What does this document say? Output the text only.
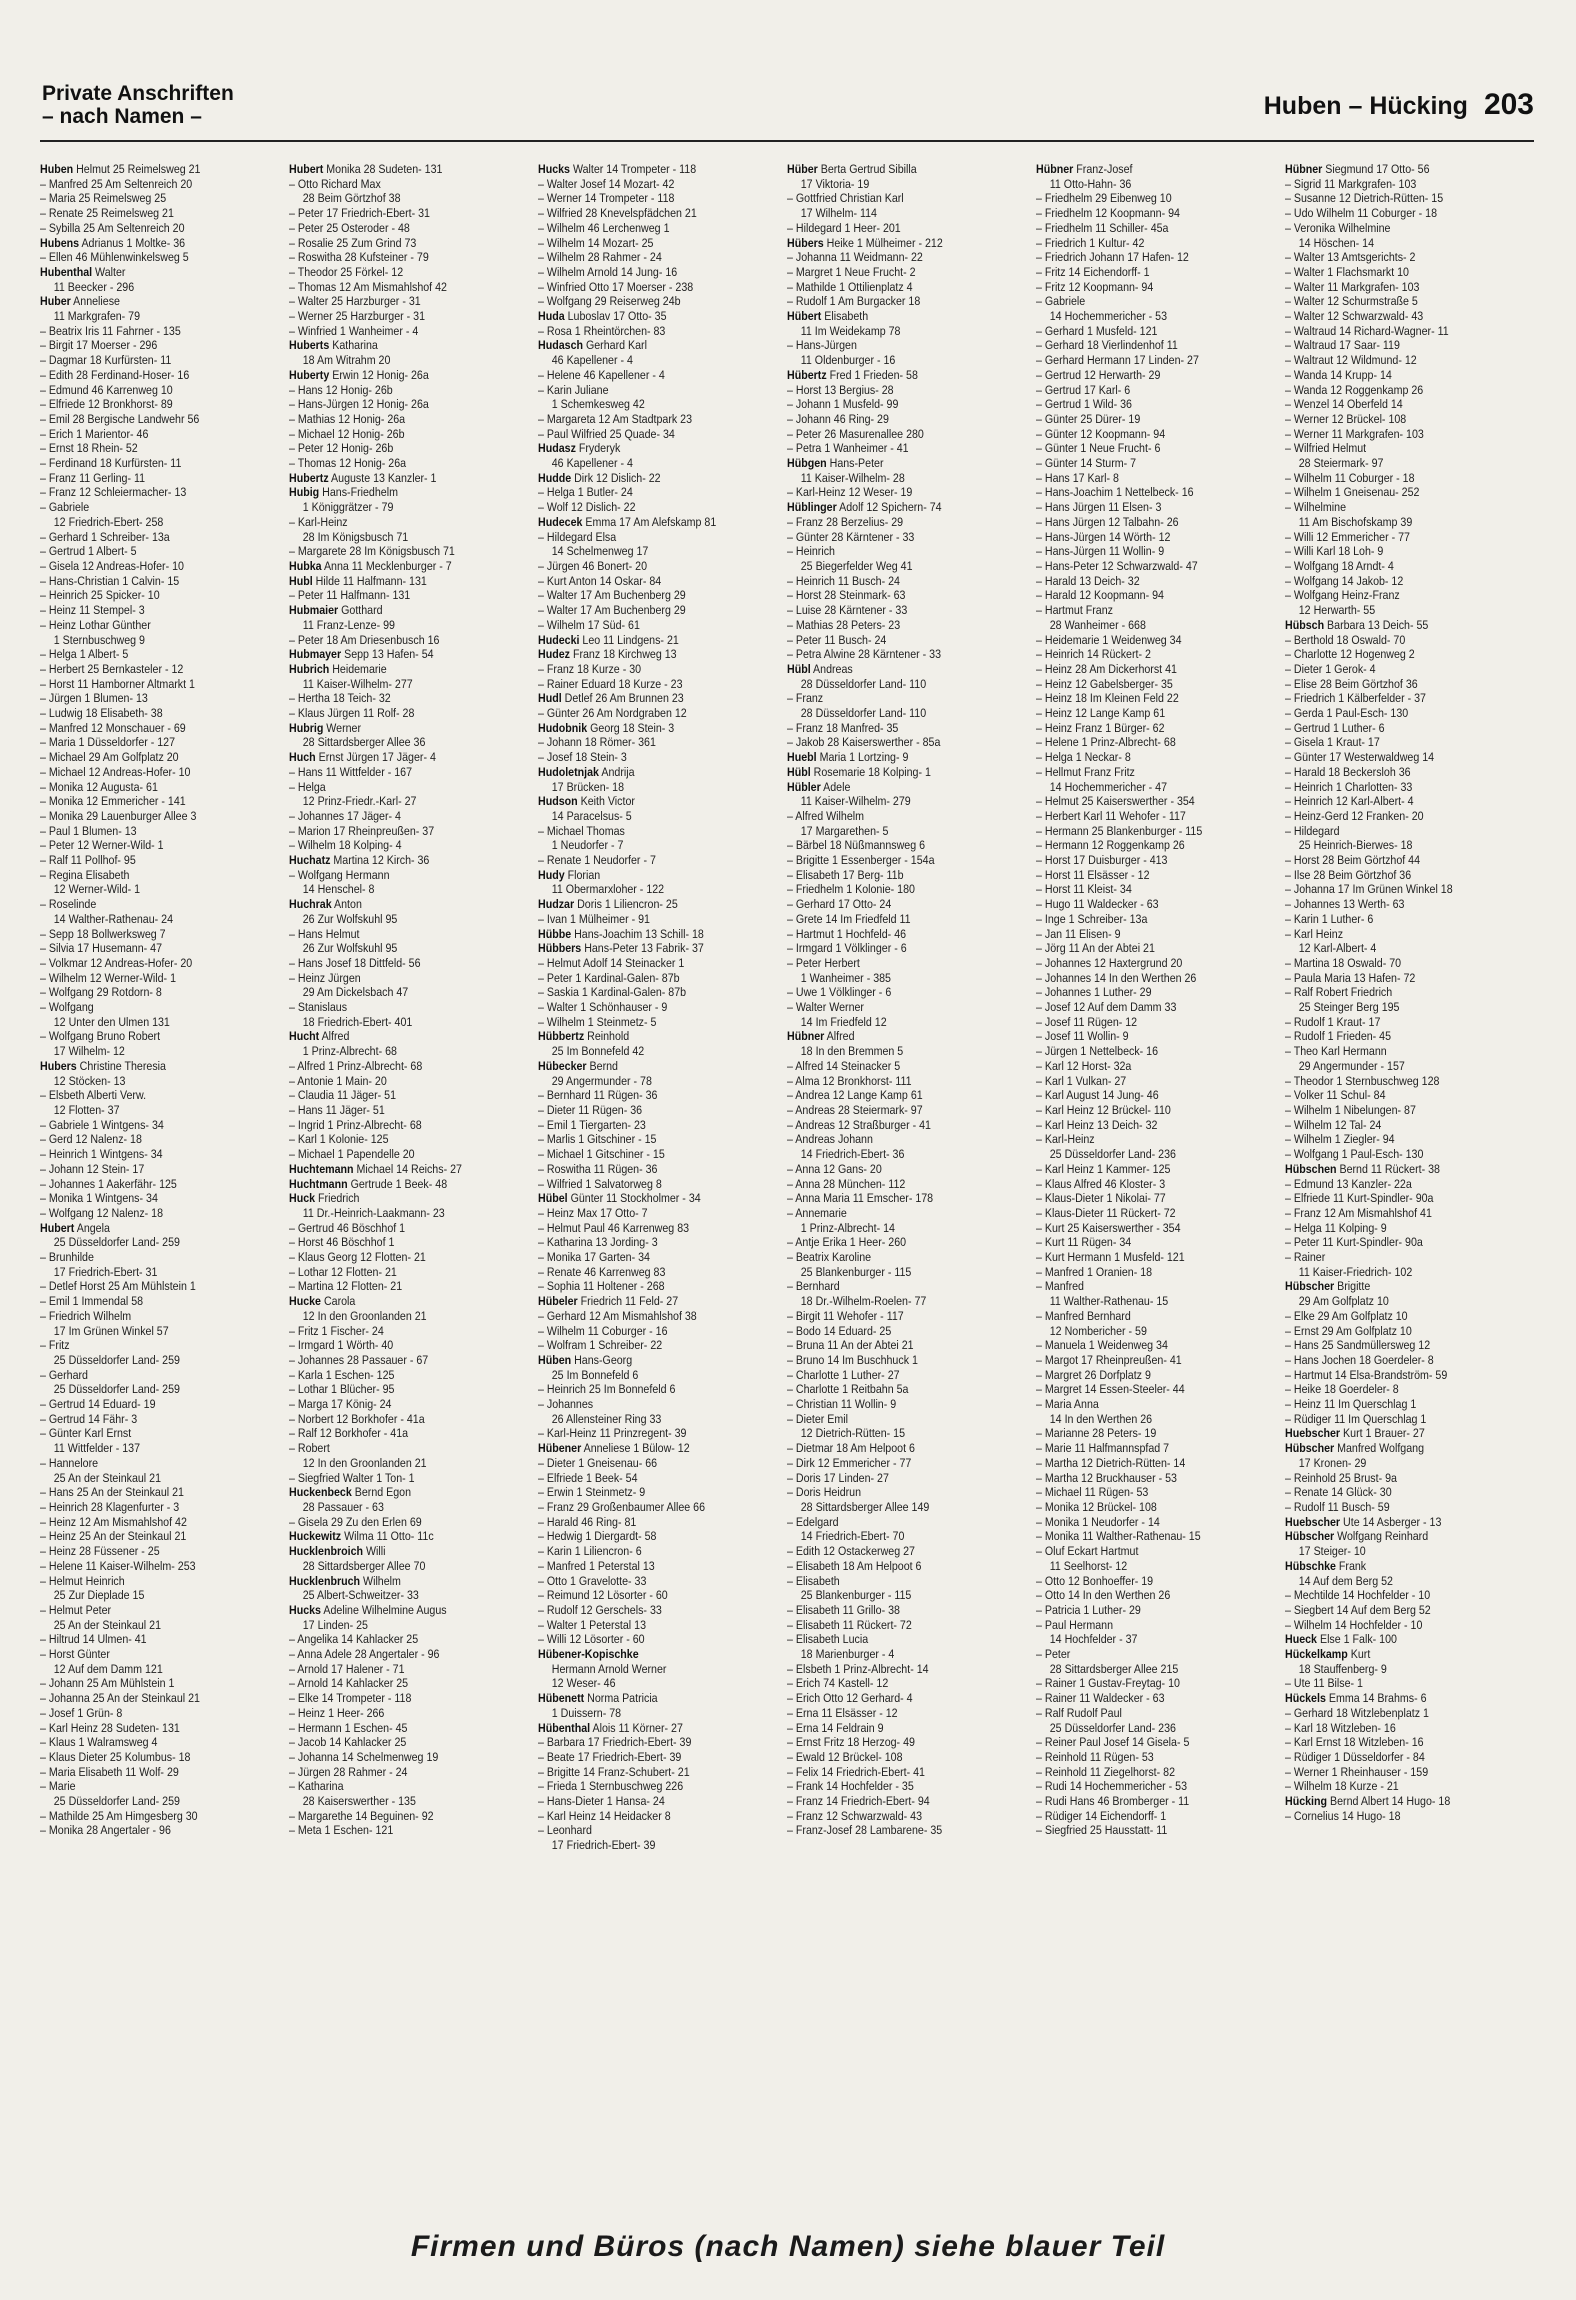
Private Anschriften
– nach Namen –	Huben – Hücking 203
Huben Helmut 25 Reimelsweg 21
– Manfred 25 Am Seltenreich 20
– Maria 25 Reimelsweg 25
– Renate 25 Reimelsweg 21
– Sybilla 25 Am Seltenreich 20
Hubens Adrianus 1 Moltke- 36
– Ellen 46 Mühlenwinkelsweg 5
Hubenthal Walter
11 Beecker - 296
Huber Anneliese
11 Markgrafen- 79
– Beatrix Iris 11 Fahrner - 135
– Birgit 17 Moerser - 296
– Dagmar 18 Kurfürsten- 11
– Edith 28 Ferdinand-Hoser- 16
– Edmund 46 Karrenweg 10
– Elfriede 12 Bronkhorst- 89
– Emil 28 Bergische Landwehr 56
– Erich 1 Marientor- 46
– Ernst 18 Rhein- 52
– Ferdinand 18 Kurfürsten- 11
– Franz 11 Gerling- 11
– Franz 12 Schleiermacher- 13
– Gabriele
12 Friedrich-Ebert- 258
– Gerhard 1 Schreiber- 13a
– Gertrud 1 Albert- 5
– Gisela 12 Andreas-Hofer- 10
– Hans-Christian 1 Calvin- 15
– Heinrich 25 Spicker- 10
– Heinz 11 Stempel- 3
– Heinz Lothar Günther
1 Sternbuschweg 9
– Helga 1 Albert- 5
– Herbert 25 Bernkasteler - 12
– Horst 11 Hamborner Altmarkt 1
– Jürgen 1 Blumen- 13
– Ludwig 18 Elisabeth- 38
– Manfred 12 Monschauer - 69
– Maria 1 Düsseldorfer - 127
– Michael 29 Am Golfplatz 20
– Michael 12 Andreas-Hofer- 10
– Monika 12 Augusta- 61
– Monika 12 Emmericher - 141
– Monika 29 Lauenburger Allee 3
– Paul 1 Blumen- 13
– Peter 12 Werner-Wild- 1
– Ralf 11 Pollhof- 95
– Regina Elisabeth
12 Werner-Wild- 1
– Roselinde
14 Walther-Rathenau- 24
– Sepp 18 Bollwerksweg 7
– Silvia 17 Husemann- 47
– Volkmar 12 Andreas-Hofer- 20
– Wilhelm 12 Werner-Wild- 1
– Wolfgang 29 Rotdorn- 8
– Wolfgang
12 Unter den Ulmen 131
– Wolfgang Bruno Robert
17 Wilhelm- 12
Hubers Christine Theresia
12 Stöcken- 13
– Elsbeth Alberti Verw.
12 Flotten- 37
– Gabriele 1 Wintgens- 34
– Gerd 12 Nalenz- 18
– Heinrich 1 Wintgens- 34
– Johann 12 Stein- 17
– Johannes 1 Aakerfähr- 125
– Monika 1 Wintgens- 34
– Wolfgang 12 Nalenz- 18
Hubert Angela
25 Düsseldorfer Land- 259
– Brunhilde
17 Friedrich-Ebert- 31
– Detlef Horst 25 Am Mühlstein 1
– Emil 1 Immendal 58
– Friedrich Wilhelm
17 Im Grünen Winkel 57
– Fritz
25 Düsseldorfer Land- 259
– Gerhard
25 Düsseldorfer Land- 259
– Gertrud 14 Eduard- 19
– Gertrud 14 Fähr- 3
– Günter Karl Ernst
11 Wittfelder - 137
– Hannelore
25 An der Steinkaul 21
– Hans 25 An der Steinkaul 21
– Heinrich 28 Klagenfurter - 3
– Heinz 12 Am Mismahlshof 42
– Heinz 25 An der Steinkaul 21
– Heinz 28 Füssener - 25
– Helene 11 Kaiser-Wilhelm- 253
– Helmut Heinrich
25 Zur Dieplade 15
– Helmut Peter
25 An der Steinkaul 21
– Hiltrud 14 Ulmen- 41
– Horst Günter
12 Auf dem Damm 121
– Johann 25 Am Mühlstein 1
– Johanna 25 An der Steinkaul 21
– Josef 1 Grün- 8
– Karl Heinz 28 Sudeten- 131
– Klaus 1 Walramsweg 4
– Klaus Dieter 25 Kolumbus- 18
– Maria Elisabeth 11 Wolf- 29
– Marie
25 Düsseldorfer Land- 259
– Mathilde 25 Am Himgesberg 30
– Monika 28 Angertaler - 96
Hubert Monika 28 Sudeten- 131
– Otto Richard Max
28 Beim Görtzhof 38
– Peter 17 Friedrich-Ebert- 31
– Peter 25 Osteroder - 48
– Rosalie 25 Zum Grind 73
– Roswitha 28 Kufsteiner - 79
– Theodor 25 Förkel- 12
– Thomas 12 Am Mismahlshof 42
– Walter 25 Harzburger - 31
– Werner 25 Harzburger - 31
– Winfried 1 Wanheimer - 4
Huberts Katharina
18 Am Witrahm 20
Huberty Erwin 12 Honig- 26a
– Hans 12 Honig- 26b
– Hans-Jürgen 12 Honig- 26a
– Mathias 12 Honig- 26a
– Michael 12 Honig- 26b
– Peter 12 Honig- 26b
– Thomas 12 Honig- 26a
Hubertz Auguste 13 Kanzler- 1
Hubig Hans-Friedhelm
1 Königgrätzer - 79
– Karl-Heinz
28 Im Königsbusch 71
– Margarete 28 Im Königsbusch 71
Hubka Anna 11 Mecklenburger - 7
Hubl Hilde 11 Halfmann- 131
– Peter 11 Halfmann- 131
Hubmaier Gotthard
11 Franz-Lenze- 99
– Peter 18 Am Driesenbusch 16
Hubmayer Sepp 13 Hafen- 54
Hubrich Heidemarie
11 Kaiser-Wilhelm- 277
– Hertha 18 Teich- 32
– Klaus Jürgen 11 Rolf- 28
Hubrig Werner
28 Sittardsberger Allee 36
Huch Ernst Jürgen 17 Jäger- 4
– Hans 11 Wittfelder - 167
– Helga
12 Prinz-Friedr.-Karl- 27
– Johannes 17 Jäger- 4
– Marion 17 Rheinpreußen- 37
– Wilhelm 18 Kolping- 4
Huchatz Martina 12 Kirch- 36
– Wolfgang Hermann
14 Henschel- 8
Huchrak Anton
26 Zur Wolfskuhl 95
– Hans Helmut
26 Zur Wolfskuhl 95
– Hans Josef 18 Dittfeld- 56
– Heinz Jürgen
29 Am Dickelsbach 47
– Stanislaus
18 Friedrich-Ebert- 401
Hucht Alfred
1 Prinz-Albrecht- 68
– Alfred 1 Prinz-Albrecht- 68
– Antonie 1 Main- 20
– Claudia 11 Jäger- 51
– Hans 11 Jäger- 51
– Ingrid 1 Prinz-Albrecht- 68
– Karl 1 Kolonie- 125
– Michael 1 Papendelle 20
Huchtemann Michael 14 Reichs- 27
Huchtmann Gertrude 1 Beek- 48
Huck Friedrich
11 Dr.-Heinrich-Laakmann- 23
– Gertrud 46 Böschhof 1
– Horst 46 Böschhof 1
– Klaus Georg 12 Flotten- 21
– Lothar 12 Flotten- 21
– Martina 12 Flotten- 21
Hucke Carola
12 In den Groonlanden 21
– Fritz 1 Fischer- 24
– Irmgard 1 Wörth- 40
– Johannes 28 Passauer - 67
– Karla 1 Eschen- 125
– Lothar 1 Blücher- 95
– Marga 17 König- 24
– Norbert 12 Borkhofer - 41a
– Ralf 12 Borkhofer - 41a
– Robert
12 In den Groonlanden 21
– Siegfried Walter 1 Ton- 1
Huckenbeck Bernd Egon
28 Passauer - 63
– Gisela 29 Zu den Erlen 69
Huckewitz Wilma 11 Otto- 11c
Hucklenbroich Willi
28 Sittardsberger Allee 70
Hucklenbruch Wilhelm
25 Albert-Schweitzer- 33
Hucks Adeline Wilhelmine Augus
17 Linden- 25
– Angelika 14 Kahlacker 25
– Anna Adele 28 Angertaler - 96
– Arnold 17 Halener - 71
– Arnold 14 Kahlacker 25
– Elke 14 Trompeter - 118
– Heinz 1 Heer- 266
– Hermann 1 Eschen- 45
– Jacob 14 Kahlacker 25
– Johanna 14 Schelmenweg 19
– Jürgen 28 Rahmer - 24
– Katharina
28 Kaiserswerther - 135
– Margarethe 14 Beguinen- 92
– Meta 1 Eschen- 121
Hucks Walter 14 Trompeter - 118
– Walter Josef 14 Mozart- 42
– Werner 14 Trompeter - 118
– Wilfried 28 Knevelspfädchen 21
– Wilhelm 46 Lerchenweg 1
– Wilhelm 14 Mozart- 25
– Wilhelm 28 Rahmer - 24
– Wilhelm Arnold 14 Jung- 16
– Winfried Otto 17 Moerser - 238
– Wolfgang 29 Reiserweg 24b
Huda Luboslav 17 Otto- 35
– Rosa 1 Rheintörchen- 83
Hudasch Gerhard Karl
46 Kapellener - 4
– Helene 46 Kapellener - 4
– Karin Juliane
1 Schemkesweg 42
– Margareta 12 Am Stadtpark 23
– Paul Wilfried 25 Quade- 34
Hudasz Fryderyk
46 Kapellener - 4
Hudde Dirk 12 Dislich- 22
– Helga 1 Butler- 24
– Wolf 12 Dislich- 22
Hudecek Emma 17 Am Alefskamp 81
– Hildegard Elsa
14 Schelmenweg 17
– Jürgen 46 Bonert- 20
– Kurt Anton 14 Oskar- 84
– Walter 17 Am Buchenberg 29
– Walter 17 Am Buchenberg 29
– Wilhelm 17 Süd- 61
Hudecki Leo 11 Lindgens- 21
Hudez Franz 18 Kirchweg 13
– Franz 18 Kurze - 30
– Rainer Eduard 18 Kurze - 23
Hudl Detlef 26 Am Brunnen 23
– Günter 26 Am Nordgraben 12
Hudobnik Georg 18 Stein- 3
– Johann 18 Römer- 361
– Josef 18 Stein- 3
Hudoletnjak Andrija
17 Brücken- 18
Hudson Keith Victor
14 Paracelsus- 5
– Michael Thomas
1 Neudorfer - 7
– Renate 1 Neudorfer - 7
Hudy Florian
11 Obermarxloher - 122
Hudzar Doris 1 Liliencron- 25
– Ivan 1 Mülheimer - 91
Hübbe Hans-Joachim 13 Schill- 18
Hübbers Hans-Peter 13 Fabrik- 37
– Helmut Adolf 14 Steinacker 1
– Peter 1 Kardinal-Galen- 87b
– Saskia 1 Kardinal-Galen- 87b
– Walter 1 Schönhauser - 9
– Wilhelm 1 Steinmetz- 5
Hübbertz Reinhold
25 Im Bonnefeld 42
Hübecker Bernd
29 Angermunder - 78
– Bernhard 11 Rügen- 36
– Dieter 11 Rügen- 36
– Emil 1 Tiergarten- 23
– Marlis 1 Gitschiner - 15
– Michael 1 Gitschiner - 15
– Roswitha 11 Rügen- 36
– Wilfried 1 Salvatorweg 8
Hübel Günter 11 Stockholmer - 34
– Heinz Max 17 Otto- 7
– Helmut Paul 46 Karrenweg 83
– Katharina 13 Jording- 3
– Monika 17 Garten- 34
– Renate 46 Karrenweg 83
– Sophia 11 Holtener - 268
Hübeler Friedrich 11 Feld- 27
– Gerhard 12 Am Mismahlshof 38
– Wilhelm 11 Coburger - 16
– Wolfram 1 Schreiber- 22
Hüben Hans-Georg
25 Im Bonnefeld 6
– Heinrich 25 Im Bonnefeld 6
– Johannes
26 Allensteiner Ring 33
– Karl-Heinz 11 Prinzregent- 39
Hübener Anneliese 1 Bülow- 12
– Dieter 1 Gneisenau- 66
– Elfriede 1 Beek- 54
– Erwin 1 Steinmetz- 9
– Franz 29 Großenbaumer Allee 66
– Harald 46 Ring- 81
– Hedwig 1 Diergardt- 58
– Karin 1 Liliencron- 6
– Manfred 1 Peterstal 13
– Otto 1 Gravelotte- 33
– Reimund 12 Lösorter - 60
– Rudolf 12 Gerschels- 33
– Walter 1 Peterstal 13
– Willi 12 Lösorter - 60
Hübener-Kopischke
Hermann Arnold Werner
12 Weser- 46
Hübenett Norma Patricia
1 Duissern- 78
Hübenthal Alois 11 Körner- 27
– Barbara 17 Friedrich-Ebert- 39
– Beate 17 Friedrich-Ebert- 39
– Brigitte 14 Franz-Schubert- 21
– Frieda 1 Sternbuschweg 226
– Hans-Dieter 1 Hansa- 24
– Karl Heinz 14 Heidacker 8
– Leonhard
17 Friedrich-Ebert- 39
Hüber Berta Gertrud Sibilla
17 Viktoria- 19
– Gottfried Christian Karl
17 Wilhelm- 114
– Hildegard 1 Heer- 201
Hübers Heike 1 Mülheimer - 212
– Johanna 11 Weidmann- 22
– Margret 1 Neue Frucht- 2
– Mathilde 1 Ottilienplatz 4
– Rudolf 1 Am Burgacker 18
Hübert Elisabeth
11 Im Weidekamp 78
– Hans-Jürgen
11 Oldenburger - 16
Hübertz Fred 1 Frieden- 58
– Horst 13 Bergius- 28
– Johann 1 Musfeld- 99
– Johann 46 Ring- 29
– Peter 26 Masurenallee 280
– Petra 1 Wanheimer - 41
Hübgen Hans-Peter
11 Kaiser-Wilhelm- 28
– Karl-Heinz 12 Weser- 19
Hüblinger Adolf 12 Spichern- 74
– Franz 28 Berzelius- 29
– Günter 28 Kärntener - 33
– Heinrich
25 Biegerfelder Weg 41
– Heinrich 11 Busch- 24
– Horst 28 Steinmark- 63
– Luise 28 Kärntener - 33
– Mathias 28 Peters- 23
– Peter 11 Busch- 24
– Petra Alwine 28 Kärntener - 33
Hübl Andreas
28 Düsseldorfer Land- 110
– Franz
28 Düsseldorfer Land- 110
– Franz 18 Manfred- 35
– Jakob 28 Kaiserswerther - 85a
Huebl Maria 1 Lortzing- 9
Hübl Rosemarie 18 Kolping- 1
Hübler Adele
11 Kaiser-Wilhelm- 279
– Alfred Wilhelm
17 Margarethen- 5
– Bärbel 18 Nüßmannsweg 6
– Brigitte 1 Essenberger - 154a
– Elisabeth 17 Berg- 11b
– Friedhelm 1 Kolonie- 180
– Gerhard 17 Otto- 24
– Grete 14 Im Friedfeld 11
– Hartmut 1 Hochfeld- 46
– Irmgard 1 Völklinger - 6
– Peter Herbert
1 Wanheimer - 385
– Uwe 1 Völklinger - 6
– Walter Werner
14 Im Friedfeld 12
Hübner Alfred
18 In den Bremmen 5
– Alfred 14 Steinacker 5
– Alma 12 Bronkhorst- 111
– Andrea 12 Lange Kamp 61
– Andreas 28 Steiermark- 97
– Andreas 12 Straßburger - 41
– Andreas Johann
14 Friedrich-Ebert- 36
– Anna 12 Gans- 20
– Anna 28 München- 112
– Anna Maria 11 Emscher- 178
– Annemarie
1 Prinz-Albrecht- 14
– Antje Erika 1 Heer- 260
– Beatrix Karoline
25 Blankenburger - 115
– Bernhard
18 Dr.-Wilhelm-Roelen- 77
– Birgit 11 Wehofer - 117
– Bodo 14 Eduard- 25
– Bruna 11 An der Abtei 21
– Bruno 14 Im Buschhuck 1
– Charlotte 1 Luther- 27
– Charlotte 1 Reitbahn 5a
– Christian 11 Wollin- 9
– Dieter Emil
12 Dietrich-Rütten- 15
– Dietmar 18 Am Helpoot 6
– Dirk 12 Emmericher - 77
– Doris 17 Linden- 27
– Doris Heidrun
28 Sittardsberger Allee 149
– Edelgard
14 Friedrich-Ebert- 70
– Edith 12 Ostackerweg 27
– Elisabeth 18 Am Helpoot 6
– Elisabeth
25 Blankenburger - 115
– Elisabeth 11 Grillo- 38
– Elisabeth 11 Rückert- 72
– Elisabeth Lucia
18 Marienburger - 4
– Elsbeth 1 Prinz-Albrecht- 14
– Erich 74 Kastell- 12
– Erich Otto 12 Gerhard- 4
– Erna 11 Elsässer - 12
– Erna 14 Feldrain 9
– Ernst Fritz 18 Herzog- 49
– Ewald 12 Brückel- 108
– Felix 14 Friedrich-Ebert- 41
– Frank 14 Hochfelder - 35
– Franz 14 Friedrich-Ebert- 94
– Franz 12 Schwarzwald- 43
– Franz-Josef 28 Lambarene- 35
Hübner Franz-Josef
11 Otto-Hahn- 36
– Friedhelm 29 Eibenweg 10
– Friedhelm 12 Koopmann- 94
– Friedhelm 11 Schiller- 45a
– Friedrich 1 Kultur- 42
– Friedrich Johann 17 Hafen- 12
– Fritz 14 Eichendorff- 1
– Fritz 12 Koopmann- 94
– Gabriele
14 Hochemmericher - 53
– Gerhard 1 Musfeld- 121
– Gerhard 18 Vierlindenhof 11
– Gerhard Hermann 17 Linden- 27
– Gertrud 12 Herwarth- 29
– Gertrud 17 Karl- 6
– Gertrud 1 Wild- 36
– Günter 25 Dürer- 19
– Günter 12 Koopmann- 94
– Günter 1 Neue Frucht- 6
– Günter 14 Sturm- 7
– Hans 17 Karl- 8
– Hans-Joachim 1 Nettelbeck- 16
– Hans Jürgen 11 Elsen- 3
– Hans Jürgen 12 Talbahn- 26
– Hans-Jürgen 14 Wörth- 12
– Hans-Jürgen 11 Wollin- 9
– Hans-Peter 12 Schwarzwald- 47
– Harald 13 Deich- 32
– Harald 12 Koopmann- 94
– Hartmut Franz
28 Wanheimer - 668
– Heidemarie 1 Weidenweg 34
– Heinrich 14 Rückert- 2
– Heinz 28 Am Dickerhorst 41
– Heinz 12 Gabelsberger- 35
– Heinz 18 Im Kleinen Feld 22
– Heinz 12 Lange Kamp 61
– Heinz Franz 1 Bürger- 62
– Helene 1 Prinz-Albrecht- 68
– Helga 1 Neckar- 8
– Hellmut Franz Fritz
14 Hochemmericher - 47
– Helmut 25 Kaiserswerther - 354
– Herbert Karl 11 Wehofer - 117
– Hermann 25 Blankenburger - 115
– Hermann 12 Roggenkamp 26
– Horst 17 Duisburger - 413
– Horst 11 Elsässer - 12
– Horst 11 Kleist- 34
– Hugo 11 Waldecker - 63
– Inge 1 Schreiber- 13a
– Jan 11 Elisen- 9
– Jörg 11 An der Abtei 21
– Johannes 12 Haxtergrund 20
– Johannes 14 In den Werthen 26
– Johannes 1 Luther- 29
– Josef 12 Auf dem Damm 33
– Josef 11 Rügen- 12
– Josef 11 Wollin- 9
– Jürgen 1 Nettelbeck- 16
– Karl 12 Horst- 32a
– Karl 1 Vulkan- 27
– Karl August 14 Jung- 46
– Karl Heinz 12 Brückel- 110
– Karl Heinz 13 Deich- 32
– Karl-Heinz
25 Düsseldorfer Land- 236
– Karl Heinz 1 Kammer- 125
– Klaus Alfred 46 Kloster- 3
– Klaus-Dieter 1 Nikolai- 77
– Klaus-Dieter 11 Rückert- 72
– Kurt 25 Kaiserswerther - 354
– Kurt 11 Rügen- 34
– Kurt Hermann 1 Musfeld- 121
– Manfred 1 Oranien- 18
– Manfred
11 Walther-Rathenau- 15
– Manfred Bernhard
12 Nombericher - 59
– Manuela 1 Weidenweg 34
– Margot 17 Rheinpreußen- 41
– Margret 26 Dorfplatz 9
– Margret 14 Essen-Steeler- 44
– Maria Anna
14 In den Werthen 26
– Marianne 28 Peters- 19
– Marie 11 Halfmannspfad 7
– Martha 12 Dietrich-Rütten- 14
– Martha 12 Bruckhauser - 53
– Michael 11 Rügen- 53
– Monika 12 Brückel- 108
– Monika 1 Neudorfer - 14
– Monika 11 Walther-Rathenau- 15
– Oluf Eckart Hartmut
11 Seelhorst- 12
– Otto 12 Bonhoeffer- 19
– Otto 14 In den Werthen 26
– Patricia 1 Luther- 29
– Paul Hermann
14 Hochfelder - 37
– Peter
28 Sittardsberger Allee 215
– Rainer 1 Gustav-Freytag- 10
– Rainer 11 Waldecker - 63
– Ralf Rudolf Paul
25 Düsseldorfer Land- 236
– Reiner Paul Josef 14 Gisela- 5
– Reinhold 11 Rügen- 53
– Reinhold 11 Ziegelhorst- 82
– Rudi 14 Hochemmericher - 53
– Rudi Hans 46 Bromberger - 11
– Rüdiger 14 Eichendorff- 1
– Siegfried 25 Hausstatt- 11
Hübner Siegmund 17 Otto- 56
– Sigrid 11 Markgrafen- 103
– Susanne 12 Dietrich-Rütten- 15
– Udo Wilhelm 11 Coburger - 18
– Veronika Wilhelmine
14 Höschen- 14
– Walter 13 Amtsgerichts- 2
– Walter 1 Flachsmarkt 10
– Walter 11 Markgrafen- 103
– Walter 12 Schurmstraße 5
– Walter 12 Schwarzwald- 43
– Waltraud 14 Richard-Wagner- 11
– Waltraud 17 Saar- 119
– Waltraut 12 Wildmund- 12
– Wanda 14 Krupp- 14
– Wanda 12 Roggenkamp 26
– Wenzel 14 Oberfeld 14
– Werner 12 Brückel- 108
– Werner 11 Markgrafen- 103
– Wilfried Helmut
28 Steiermark- 97
– Wilhelm 11 Coburger - 18
– Wilhelm 1 Gneisenau- 252
– Wilhelmine
11 Am Bischofskamp 39
– Willi 12 Emmericher - 77
– Willi Karl 18 Loh- 9
– Wolfgang 18 Arndt- 4
– Wolfgang 14 Jakob- 12
– Wolfgang Heinz-Franz
12 Herwarth- 55
Hübsch Barbara 13 Deich- 55
– Berthold 18 Oswald- 70
– Charlotte 12 Hogenweg 2
– Dieter 1 Gerok- 4
– Elise 28 Beim Görtzhof 36
– Friedrich 1 Kälberfelder - 37
– Gerda 1 Paul-Esch- 130
– Gertrud 1 Luther- 6
– Gisela 1 Kraut- 17
– Günter 17 Westerwaldweg 14
– Harald 18 Beckersloh 36
– Heinrich 1 Charlotten- 33
– Heinrich 12 Karl-Albert- 4
– Heinz-Gerd 12 Franken- 20
– Hildegard
25 Heinrich-Bierwes- 18
– Horst 28 Beim Görtzhof 44
– Ilse 28 Beim Görtzhof 36
– Johanna 17 Im Grünen Winkel 18
– Johannes 13 Werth- 63
– Karin 1 Luther- 6
– Karl Heinz
12 Karl-Albert- 4
– Martina 18 Oswald- 70
– Paula Maria 13 Hafen- 72
– Ralf Robert Friedrich
25 Steinger Berg 195
– Rudolf 1 Kraut- 17
– Rudolf 1 Frieden- 45
– Theo Karl Hermann
29 Angermunder - 157
– Theodor 1 Sternbuschweg 128
– Volker 11 Schul- 84
– Wilhelm 1 Nibelungen- 87
– Wilhelm 12 Tal- 24
– Wilhelm 1 Ziegler- 94
– Wolfgang 1 Paul-Esch- 130
Hübschen Bernd 11 Rückert- 38
– Edmund 13 Kanzler- 22a
– Elfriede 11 Kurt-Spindler- 90a
– Franz 12 Am Mismahlshof 41
– Helga 11 Kolping- 9
– Peter 11 Kurt-Spindler- 90a
– Rainer
11 Kaiser-Friedrich- 102
Hübscher Brigitte
29 Am Golfplatz 10
– Elke 29 Am Golfplatz 10
– Ernst 29 Am Golfplatz 10
– Hans 25 Sandmüllersweg 12
– Hans Jochen 18 Goerdeler- 8
– Hartmut 14 Elsa-Brandström- 59
– Heike 18 Goerdeler- 8
– Heinz 11 Im Querschlag 1
– Rüdiger 11 Im Querschlag 1
Huebscher Kurt 1 Brauer- 27
Hübscher Manfred Wolfgang
17 Kronen- 29
– Reinhold 25 Brust- 9a
– Renate 14 Glück- 30
– Rudolf 11 Busch- 59
Huebscher Ute 14 Asberger - 13
Hübscher Wolfgang Reinhard
17 Steiger- 10
Hübschke Frank
14 Auf dem Berg 52
– Mechtilde 14 Hochfelder - 10
– Siegbert 14 Auf dem Berg 52
– Wilhelm 14 Hochfelder - 10
Hueck Else 1 Falk- 100
Hückelkamp Kurt
18 Stauffenberg- 9
– Ute 11 Bilse- 1
Hückels Emma 14 Brahms- 6
– Gerhard 18 Witzlebenplatz 1
– Karl 18 Witzleben- 16
– Karl Ernst 18 Witzleben- 16
– Rüdiger 1 Düsseldorfer - 84
– Werner 1 Rheinhauser - 159
– Wilhelm 18 Kurze - 21
Hücking Bernd Albert 14 Hugo- 18
– Cornelius 14 Hugo- 18
Firmen und Büros (nach Namen) siehe blauer Teil
